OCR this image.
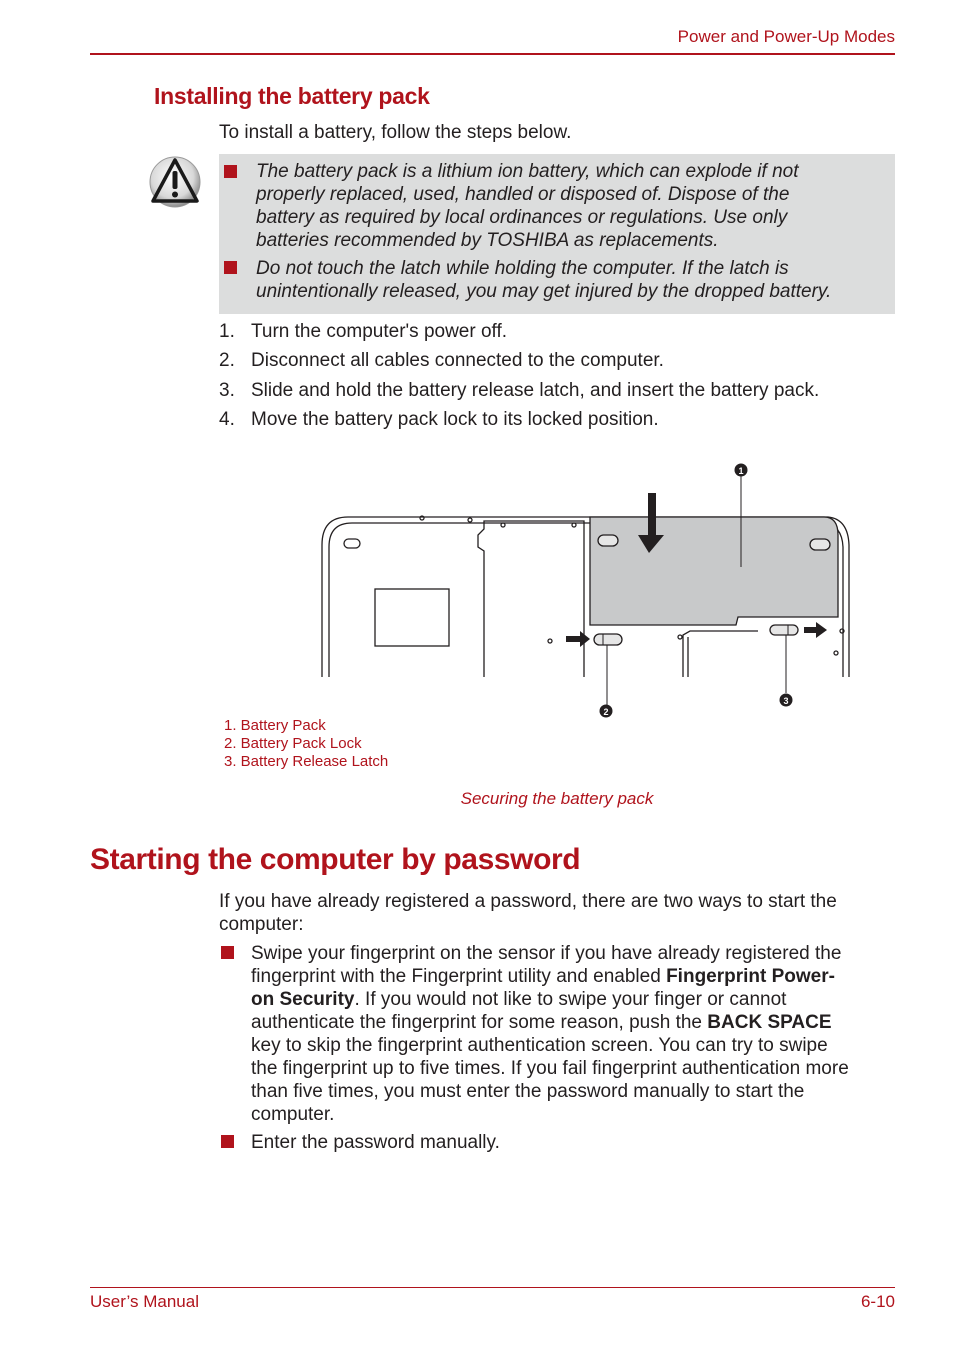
Power and Power-Up Modes
Installing the battery pack
To install a battery, follow the steps below.
The battery pack is a lithium ion battery, which can explode if not
properly replaced, used, handled or disposed of. Dispose of the
battery as required by local ordinances or regulations. Use only
batteries recommended by TOSHIBA as replacements.
Do not touch the latch while holding the computer. If the latch is
unintentionally released, you may get injured by the dropped battery.
1. Turn the computer's power off.
2. Disconnect all cables connected to the computer.
3. Slide and hold the battery release latch, and insert the battery pack.
4. Move the battery pack lock to its locked position.
1
2
3
1. Battery Pack
2. Battery Pack Lock
3. Battery Release Latch
Securing the battery pack
Starting the computer by password
If you have already registered a password, there are two ways to start the
computer:
Swipe your fingerprint on the sensor if you have already registered the
fingerprint with the Fingerprint utility and enabled Fingerprint Power-
on Security. If you would not like to swipe your finger or cannot
authenticate the fingerprint for some reason, push the BACK SPACE
key to skip the fingerprint authentication screen. You can try to swipe
the fingerprint up to five times. If you fail fingerprint authentication more
than five times, you must enter the password manually to start the
computer.
Enter the password manually.
User’s Manual	6-10
